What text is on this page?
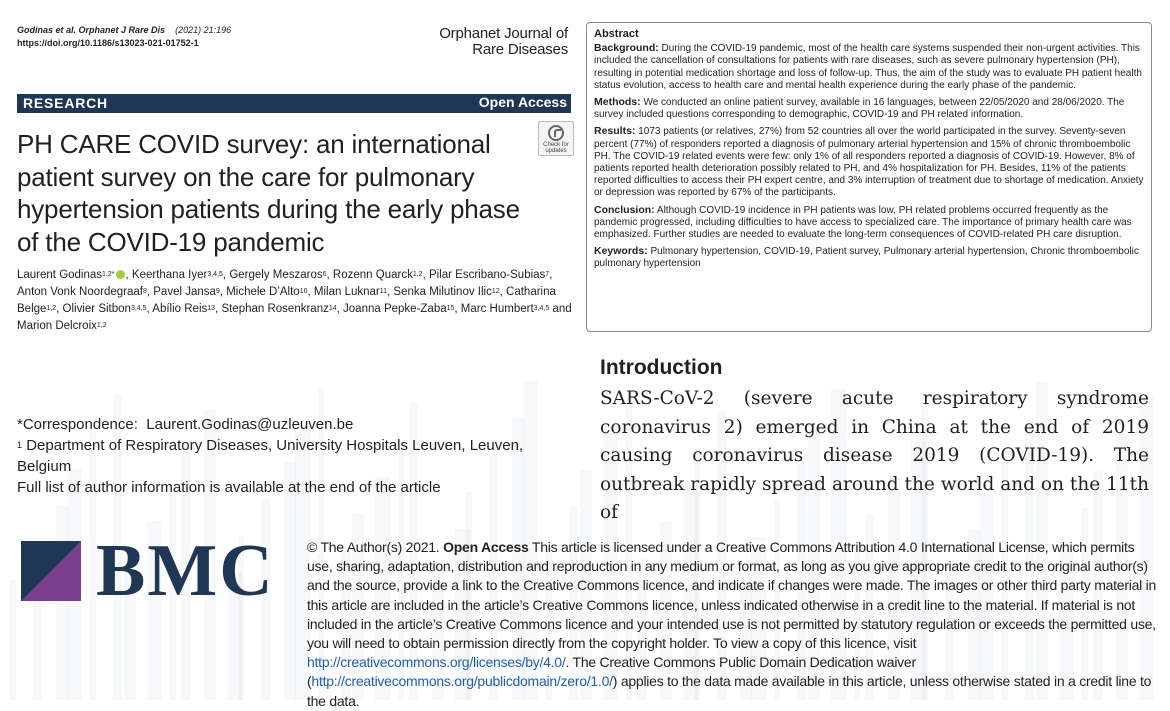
Godinas et al. Orphanet J Rare Dis (2021) 21:196
https://doi.org/10.1186/s13023-021-01752-1
Orphanet Journal of
Rare Diseases
RESEARCH	Open Access
PH CARE COVID survey: an international patient survey on the care for pulmonary hypertension patients during the early phase of the COVID-19 pandemic
Check for
updates
Laurent Godinas$^{1,2*}$ , Keerthana Iyer$^{3,4,5}$, Gergely Meszaros$^6$, Rozenn Quarck$^{1,2}$, Pilar Escribano‑Subias$^7$, Anton Vonk Noordegraaf$^8$, Pavel Jansa$^9$, Michele D’Alto$^{10}$, Milan Luknar$^{11}$, Senka Milutinov Ilic$^{12}$, Catharina Belge$^{1,2}$, Olivier Sitbon$^{3,4,5}$, Abílio Reis$^{13}$, Stephan Rosenkranz$^{14}$, Joanna Pepke‑Zaba$^{15}$, Marc Humbert$^{3,4,5}$ and Marion Delcroix$^{1,2}$
Abstract

Background: During the COVID-19 pandemic, most of the health care systems suspended their non-urgent activities. This included the cancellation of consultations for patients with rare diseases, such as severe pulmonary hypertension (PH), resulting in potential medication shortage and loss of follow-up. Thus, the aim of the study was to evaluate PH patient health status evolution, access to health care and mental health experience during the early phase of the pandemic.

Methods: We conducted an online patient survey, available in 16 languages, between 22/05/2020 and 28/06/2020. The survey included questions corresponding to demographic, COVID-19 and PH related information.

Results: 1073 patients (or relatives, 27%) from 52 countries all over the world participated in the survey. Seventy-seven percent (77%) of responders reported a diagnosis of pulmonary arterial hypertension and 15% of chronic thromboembolic PH. The COVID-19 related events were few: only 1% of all responders reported a diagnosis of COVID-19. However, 8% of patients reported health deterioration possibly related to PH, and 4% hospitalization for PH. Besides, 11% of the patients reported difficulties to access their PH expert centre, and 3% interruption of treatment due to shortage of medication. Anxiety or depression was reported by 67% of the participants.

Conclusion: Although COVID-19 incidence in PH patients was low, PH related problems occurred frequently as the pandemic progressed, including difficulties to have access to specialized care. The importance of primary health care was emphasized. Further studies are needed to evaluate the long-term consequences of COVID-related PH care disruption.

Keywords: Pulmonary hypertension, COVID-19, Patient survey, Pulmonary arterial hypertension, Chronic thromboembolic pulmonary hypertension

*Correspondence: Laurent.Godinas@uzleuven.be
$^1$ Department of Respiratory Diseases, University Hospitals Leuven, Leuven, Belgium
Full list of author information is available at the end of the article
Introduction
SARS-CoV-2 (severe acute respiratory syndrome coronavirus 2) emerged in China at the end of 2019 causing coronavirus disease 2019 (COVID-19). The outbreak rapidly spread around the world and on the 11th of
BMC © The Author(s) 2021. Open Access This article is licensed under a Creative Commons Attribution 4.0 International License, which permits use, sharing, adaptation, distribution and reproduction in any medium or format, as long as you give appropriate credit to the original author(s) and the source, provide a link to the Creative Commons licence, and indicate if changes were made. The images or other third party material in this article are included in the article’s Creative Commons licence, unless indicated otherwise in a credit line to the material. If material is not included in the article’s Creative Commons licence and your intended use is not permitted by statutory regulation or exceeds the permitted use, you will need to obtain permission directly from the copyright holder. To view a copy of this licence, visit http://creativecommons.org/licenses/by/4.0/. The Creative Commons Public Domain Dedication waiver (http://creativecommons.org/publicdomain/zero/1.0/) applies to the data made available in this article, unless otherwise stated in a credit line to the data.
